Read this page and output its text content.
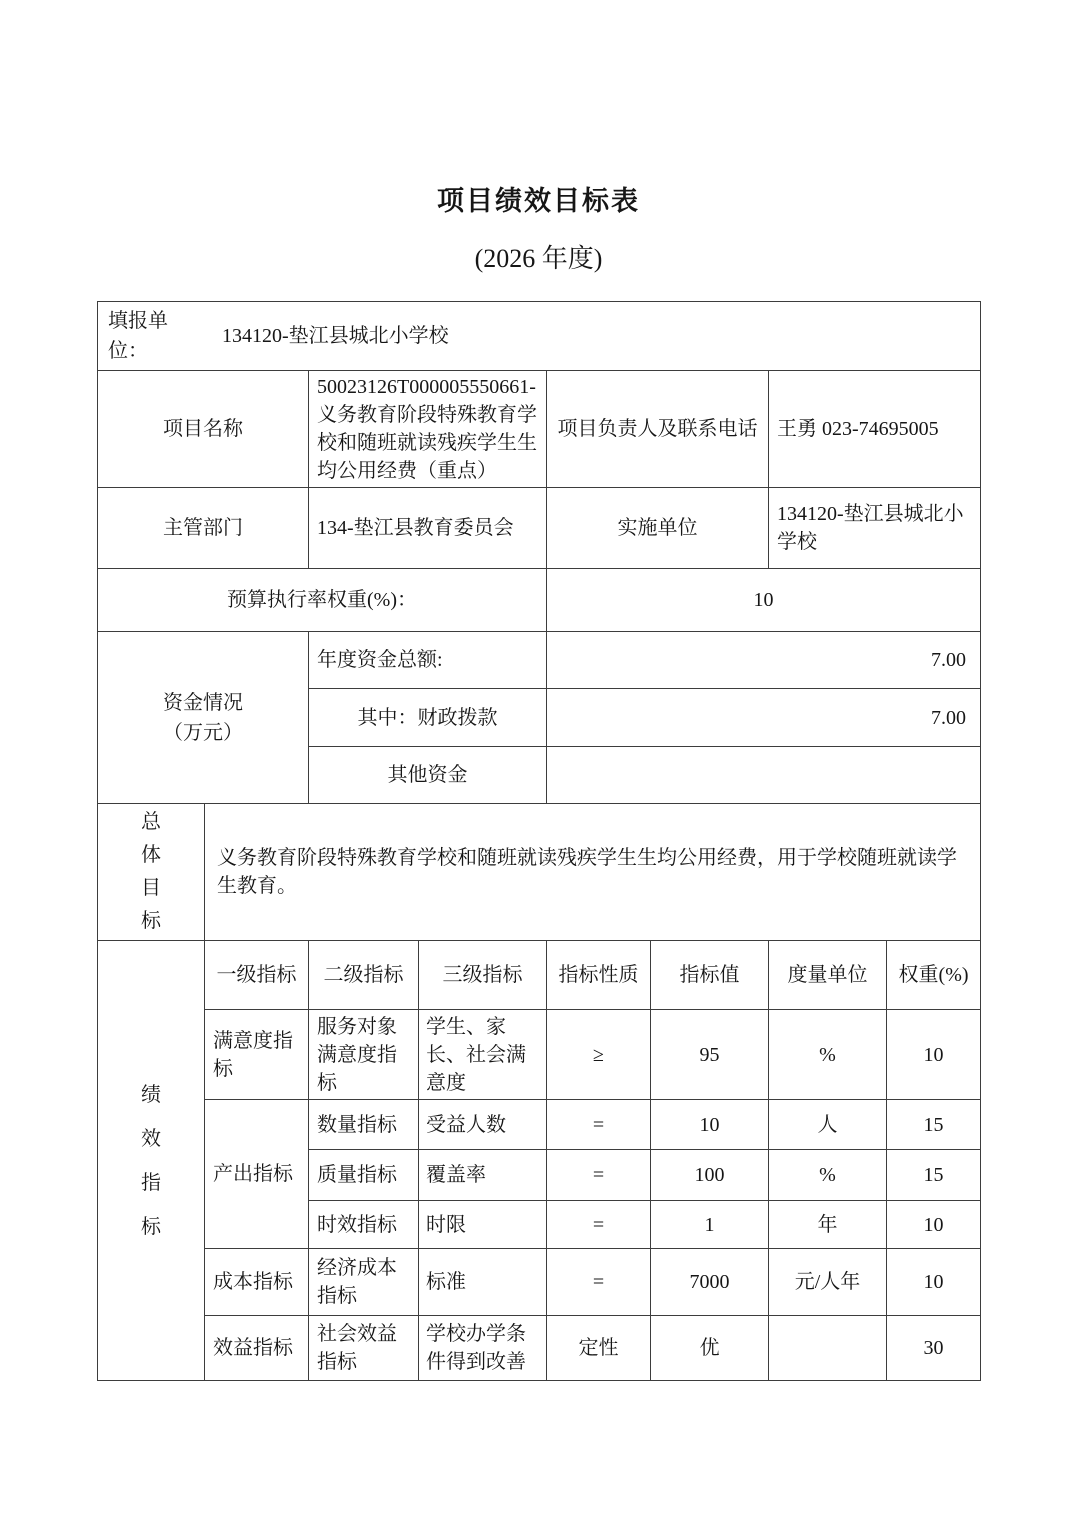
项目绩效目标表
(2026 年度)
填报单位：
134120-垫江县城北小学校							

项目名称		50023126T000005550661-义务教育阶段特殊教育学校和随班就读残疾学生生均公用经费（重点）		项目负责人及联系电话		王勇 023-74695005	
主管部门		134-垫江县教育委员会		实施单位		134120-垫江县城北小学校	
预算执行率权重(%)：				10			

资金情况
（万元）		年度资金总额:		7.00			
		其中：财政拨款		7.00			
		其他资金					

总体目标	义务教育阶段特殊教育学校和随班就读残疾学生生均公用经费，用于学校随班就读学生教育。						

绩效指标	一级指标	二级指标	三级指标	指标性质	指标值	度量单位	权重(%)
	满意度指标	服务对象满意度指标	学生、家长、社会满意度	≥	95	%	10
	产出指标	数量指标	受益人数	=	10	人	15
		质量指标	覆盖率	=	100	%	15
		时效指标	时限	=	1	年	10
	成本指标	经济成本指标	标准	=	7000	元/人年	10
	效益指标	社会效益指标	学校办学条件得到改善	定性	优		30
